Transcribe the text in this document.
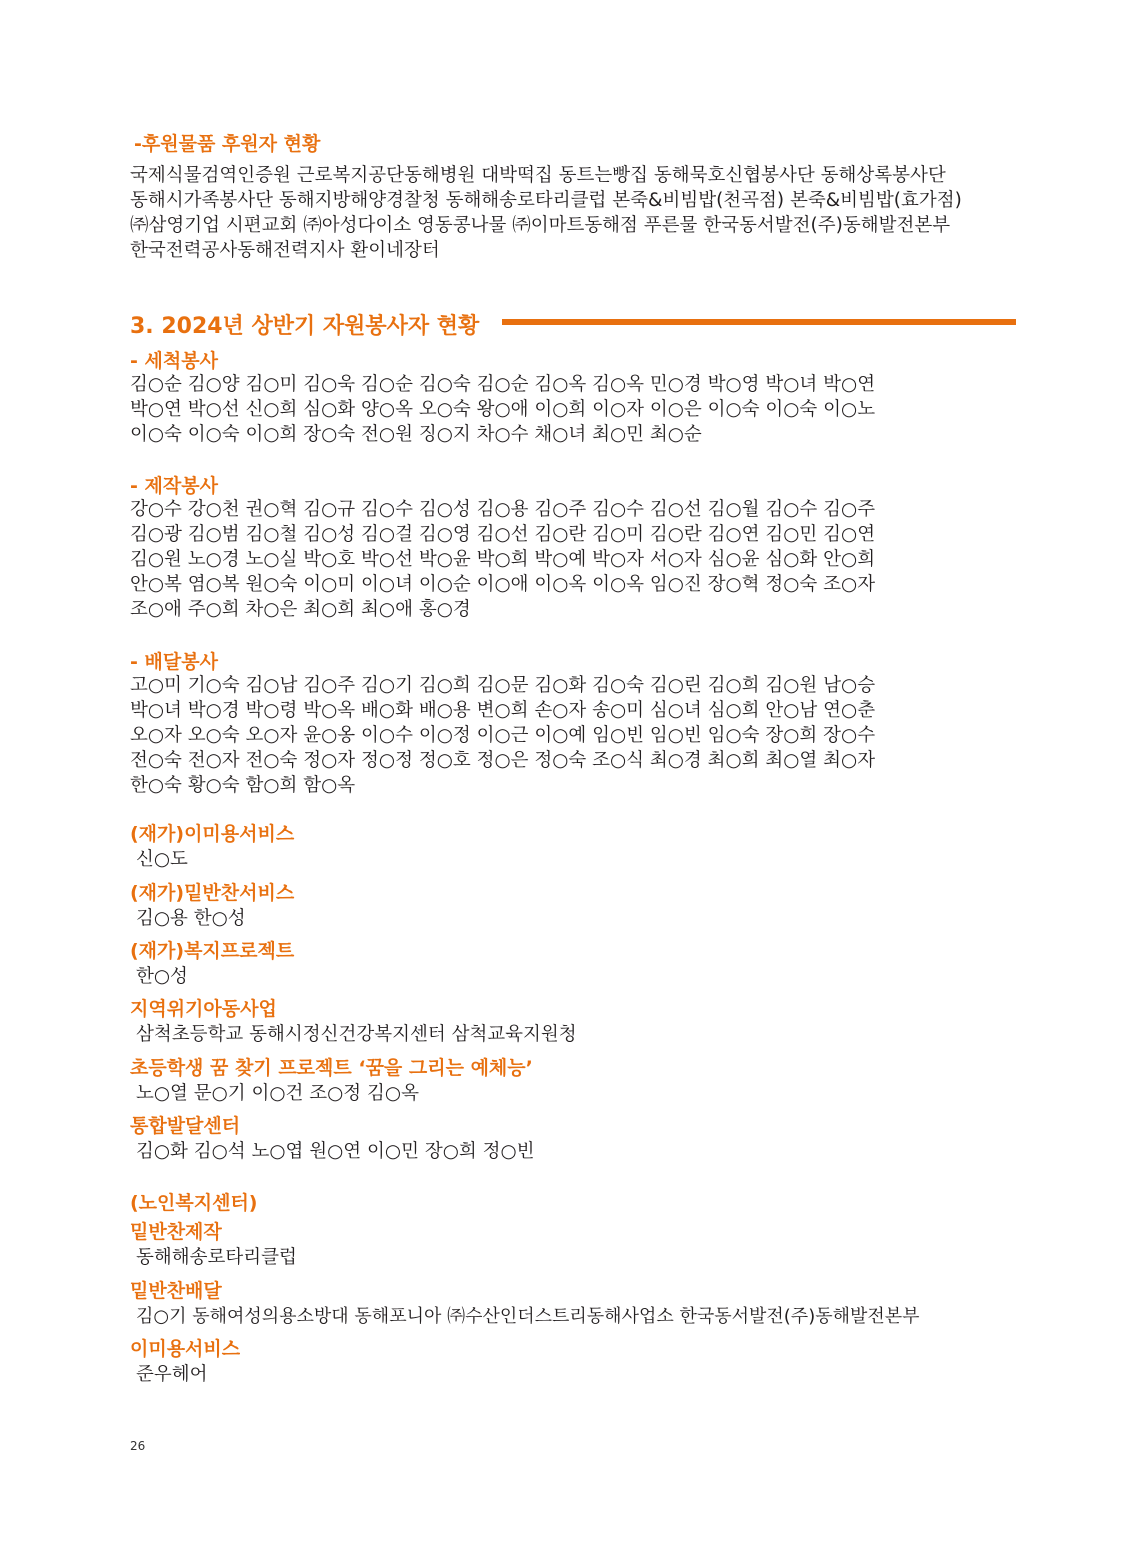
-후원물품 후원자 현황
국제식물검역인증원 근로복지공단동해병원 대박떡집 동트는빵집 동해묵호신협봉사단 동해상록봉사단
동해시가족봉사단 동해지방해양경찰청 동해해송로타리클럽 본죽&비빔밥(천곡점) 본죽&비빔밥(효가점)
㈜삼영기업 시편교회 ㈜아성다이소 영동콩나물 ㈜이마트동해점 푸른물 한국동서발전(주)동해발전본부
한국전력공사동해전력지사 환이네장터
3. 2024년 상반기 자원봉사자 현황
- 세척봉사
김○순 김○양 김○미 김○욱 김○순 김○숙 김○순 김○옥 김○옥 민○경 박○영 박○녀 박○연
박○연 박○선 신○희 심○화 양○옥 오○숙 왕○애 이○희 이○자 이○은 이○숙 이○숙 이○노
이○숙 이○숙 이○희 장○숙 전○원 징○지 차○수 채○녀 최○민 최○순
- 제작봉사
강○수 강○천 권○혁 김○규 김○수 김○성 김○용 김○주 김○수 김○선 김○월 김○수 김○주
김○광 김○범 김○철 김○성 김○걸 김○영 김○선 김○란 김○미 김○란 김○연 김○민 김○연
김○원 노○경 노○실 박○호 박○선 박○윤 박○희 박○예 박○자 서○자 심○윤 심○화 안○희
안○복 염○복 원○숙 이○미 이○녀 이○순 이○애 이○옥 이○옥 임○진 장○혁 정○숙 조○자
조○애 주○희 차○은 최○희 최○애 홍○경
- 배달봉사
고○미 기○숙 김○남 김○주 김○기 김○희 김○문 김○화 김○숙 김○린 김○희 김○원 남○승
박○녀 박○경 박○령 박○옥 배○화 배○용 변○희 손○자 송○미 심○녀 심○희 안○남 연○춘
오○자 오○숙 오○자 윤○옹 이○수 이○정 이○근 이○예 임○빈 임○빈 임○숙 장○희 장○수
전○숙 전○자 전○숙 정○자 정○정 정○호 정○은 정○숙 조○식 최○경 최○희 최○열 최○자
한○숙 황○숙 함○희 함○옥
(재가)이미용서비스
신○도
(재가)밑반찬서비스
김○용 한○성
(재가)복지프로젝트
한○성
지역위기아동사업
삼척초등학교 동해시정신건강복지센터 삼척교육지원청
초등학생 꿈 찾기 프로젝트 ‘꿈을 그리는 예체능’
노○열 문○기 이○건 조○정 김○옥
통합발달센터
김○화 김○석 노○엽 원○연 이○민 장○희 정○빈
(노인복지센터)
밑반찬제작
동해해송로타리클럽
밑반찬배달
김○기 동해여성의용소방대 동해포니아 ㈜수산인더스트리동해사업소 한국동서발전(주)동해발전본부
이미용서비스
준우헤어
26
